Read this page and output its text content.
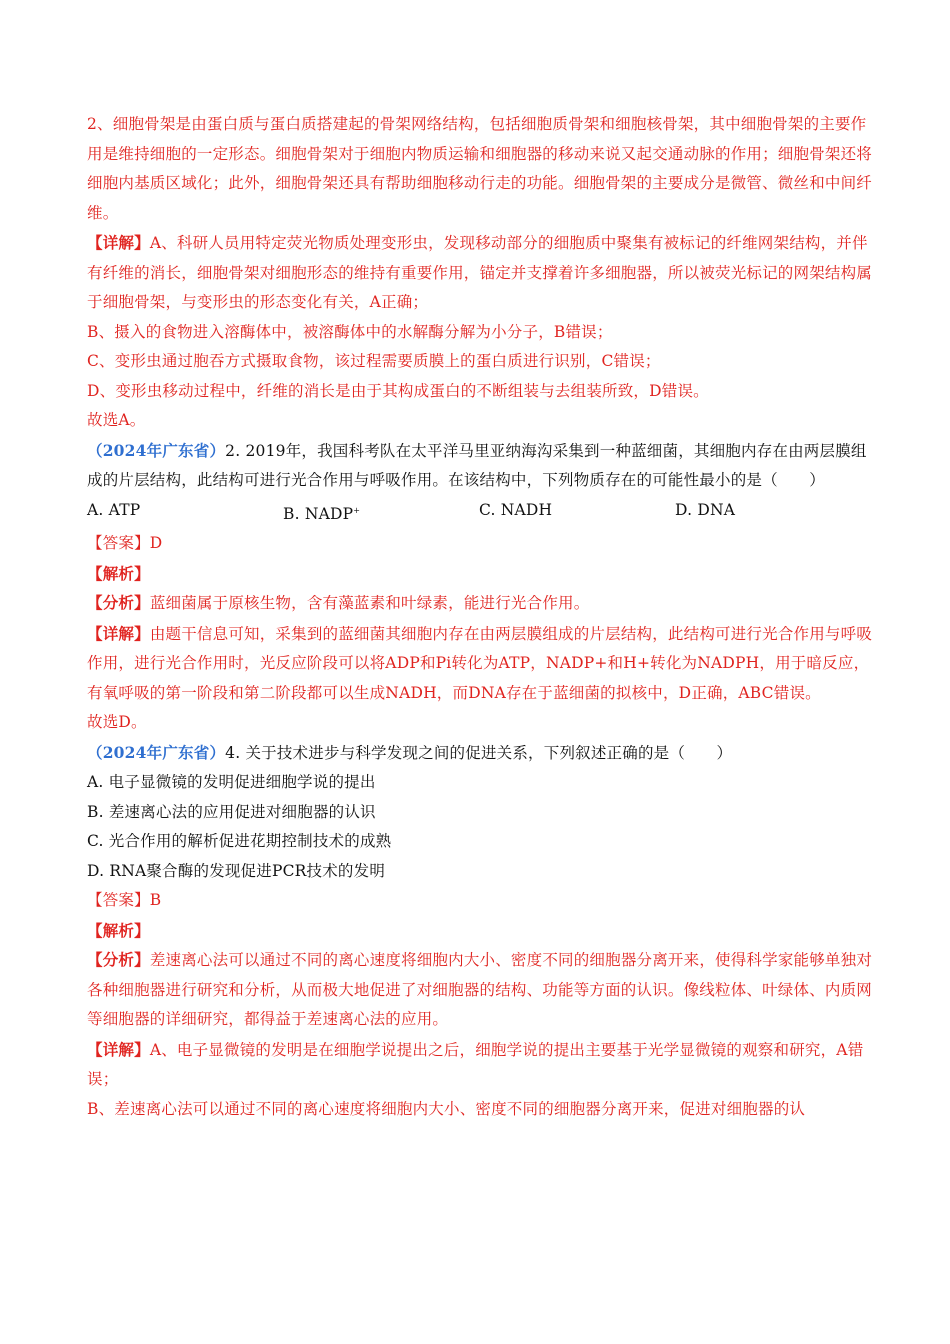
2、细胞骨架是由蛋白质与蛋白质搭建起的骨架网络结构，包括细胞质骨架和细胞核骨架，其中细胞骨架的主要作用是维持细胞的一定形态。细胞骨架对于细胞内物质运输和细胞器的移动来说又起交通动脉的作用；细胞骨架还将细胞内基质区域化；此外，细胞骨架还具有帮助细胞移动行走的功能。细胞骨架的主要成分是微管、微丝和中间纤维。

【详解】A、科研人员用特定荧光物质处理变形虫，发现移动部分的细胞质中聚集有被标记的纤维网架结构，并伴有纤维的消长，细胞骨架对细胞形态的维持有重要作用，锚定并支撑着许多细胞器，所以被荧光标记的网架结构属于细胞骨架，与变形虫的形态变化有关，A正确；

B、摄入的食物进入溶酶体中，被溶酶体中的水解酶分解为小分子，B错误；

C、变形虫通过胞吞方式摄取食物，该过程需要质膜上的蛋白质进行识别，C错误；

D、变形虫移动过程中，纤维的消长是由于其构成蛋白的不断组装与去组装所致，D错误。

故选A。

（2024年广东省）2. 2019年，我国科考队在太平洋马里亚纳海沟采集到一种蓝细菌，其细胞内存在由两层膜组成的片层结构，此结构可进行光合作用与呼吸作用。在该结构中，下列物质存在的可能性最小的是（　　）

A. ATP	B. NADP+	C. NADH	D. DNA

【答案】D

【解析】

【分析】蓝细菌属于原核生物，含有藻蓝素和叶绿素，能进行光合作用。

【详解】由题干信息可知，采集到的蓝细菌其细胞内存在由两层膜组成的片层结构，此结构可进行光合作用与呼吸作用，进行光合作用时，光反应阶段可以将ADP和Pi转化为ATP，NADP+和H+转化为NADPH，用于暗反应，有氧呼吸的第一阶段和第二阶段都可以生成NADH，而DNA存在于蓝细菌的拟核中，D正确，ABC错误。

故选D。

（2024年广东省）4. 关于技术进步与科学发现之间的促进关系，下列叙述正确的是（　　）

A. 电子显微镜的发明促进细胞学说的提出

B. 差速离心法的应用促进对细胞器的认识

C. 光合作用的解析促进花期控制技术的成熟

D. RNA聚合酶的发现促进PCR技术的发明

【答案】B

【解析】

【分析】差速离心法可以通过不同的离心速度将细胞内大小、密度不同的细胞器分离开来，使得科学家能够单独对各种细胞器进行研究和分析，从而极大地促进了对细胞器的结构、功能等方面的认识。像线粒体、叶绿体、内质网等细胞器的详细研究，都得益于差速离心法的应用。

【详解】A、电子显微镜的发明是在细胞学说提出之后，细胞学说的提出主要基于光学显微镜的观察和研究，A错误；

B、差速离心法可以通过不同的离心速度将细胞内大小、密度不同的细胞器分离开来，促进对细胞器的认
